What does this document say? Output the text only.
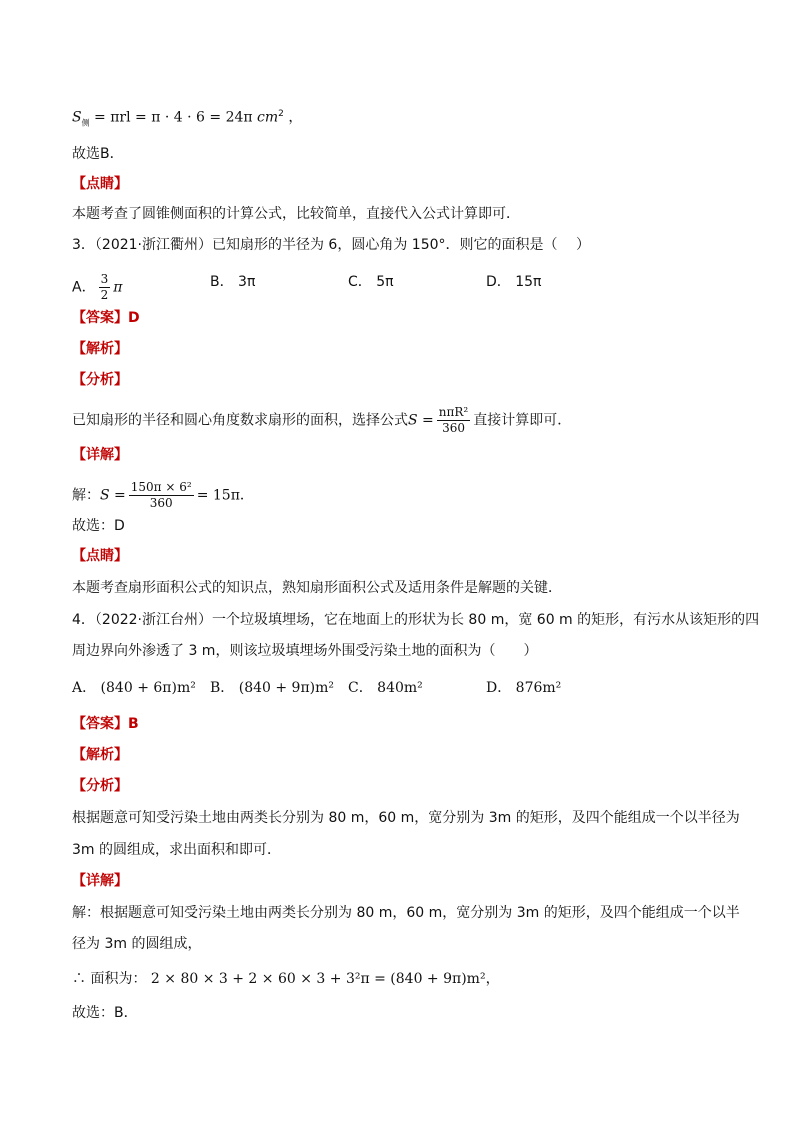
$S_侧 = \pi rl = \pi \cdot 4 \cdot 6 = 24\pi$ $cm^2$ ，
故选B．
【点睛】
本题考查了圆锥侧面积的计算公式，比较简单，直接代入公式计算即可．
3．（2021·浙江衢州）已知扇形的半径为 6，圆心角为 150°．则它的面积是（　 ）
A． $\frac{3}{2}$ π	B． 3π	C． 5π	D． 15π
【答案】D
【解析】
【分析】
已知扇形的半径和圆心角度数求扇形的面积，选择公式$S = \frac{\text{nπR²}}{360}$ 直接计算即可．
【详解】
解：$S = \frac{\text{150π × 6²}}{360} = 15\pi$．
故选：D
【点睛】
本题考查扇形面积公式的知识点，熟知扇形面积公式及适用条件是解题的关键．
4．（2022·浙江台州）一个垃圾填埋场，它在地面上的形状为长 80 m，宽 60 m 的矩形，有污水从该矩形的四
周边界向外渗透了 3 m，则该垃圾填埋场外围受污染土地的面积为（　　）
A． (840 + 6π)m² B． (840 + 9π)m² C． 840m²	D． 876m²
【答案】B
【解析】
【分析】
根据题意可知受污染土地由两类长分别为 80 m，60 m，宽分别为 3m 的矩形，及四个能组成一个以半径为
3m 的圆组成，求出面积和即可．
【详解】
解：根据题意可知受污染土地由两类长分别为 80 m，60 m，宽分别为 3m 的矩形，及四个能组成一个以半
径为 3m 的圆组成，
∴ 面积为： 2 × 80 × 3 + 2 × 60 × 3 + 3²π = (840 + 9π)m²，
故选：B．
